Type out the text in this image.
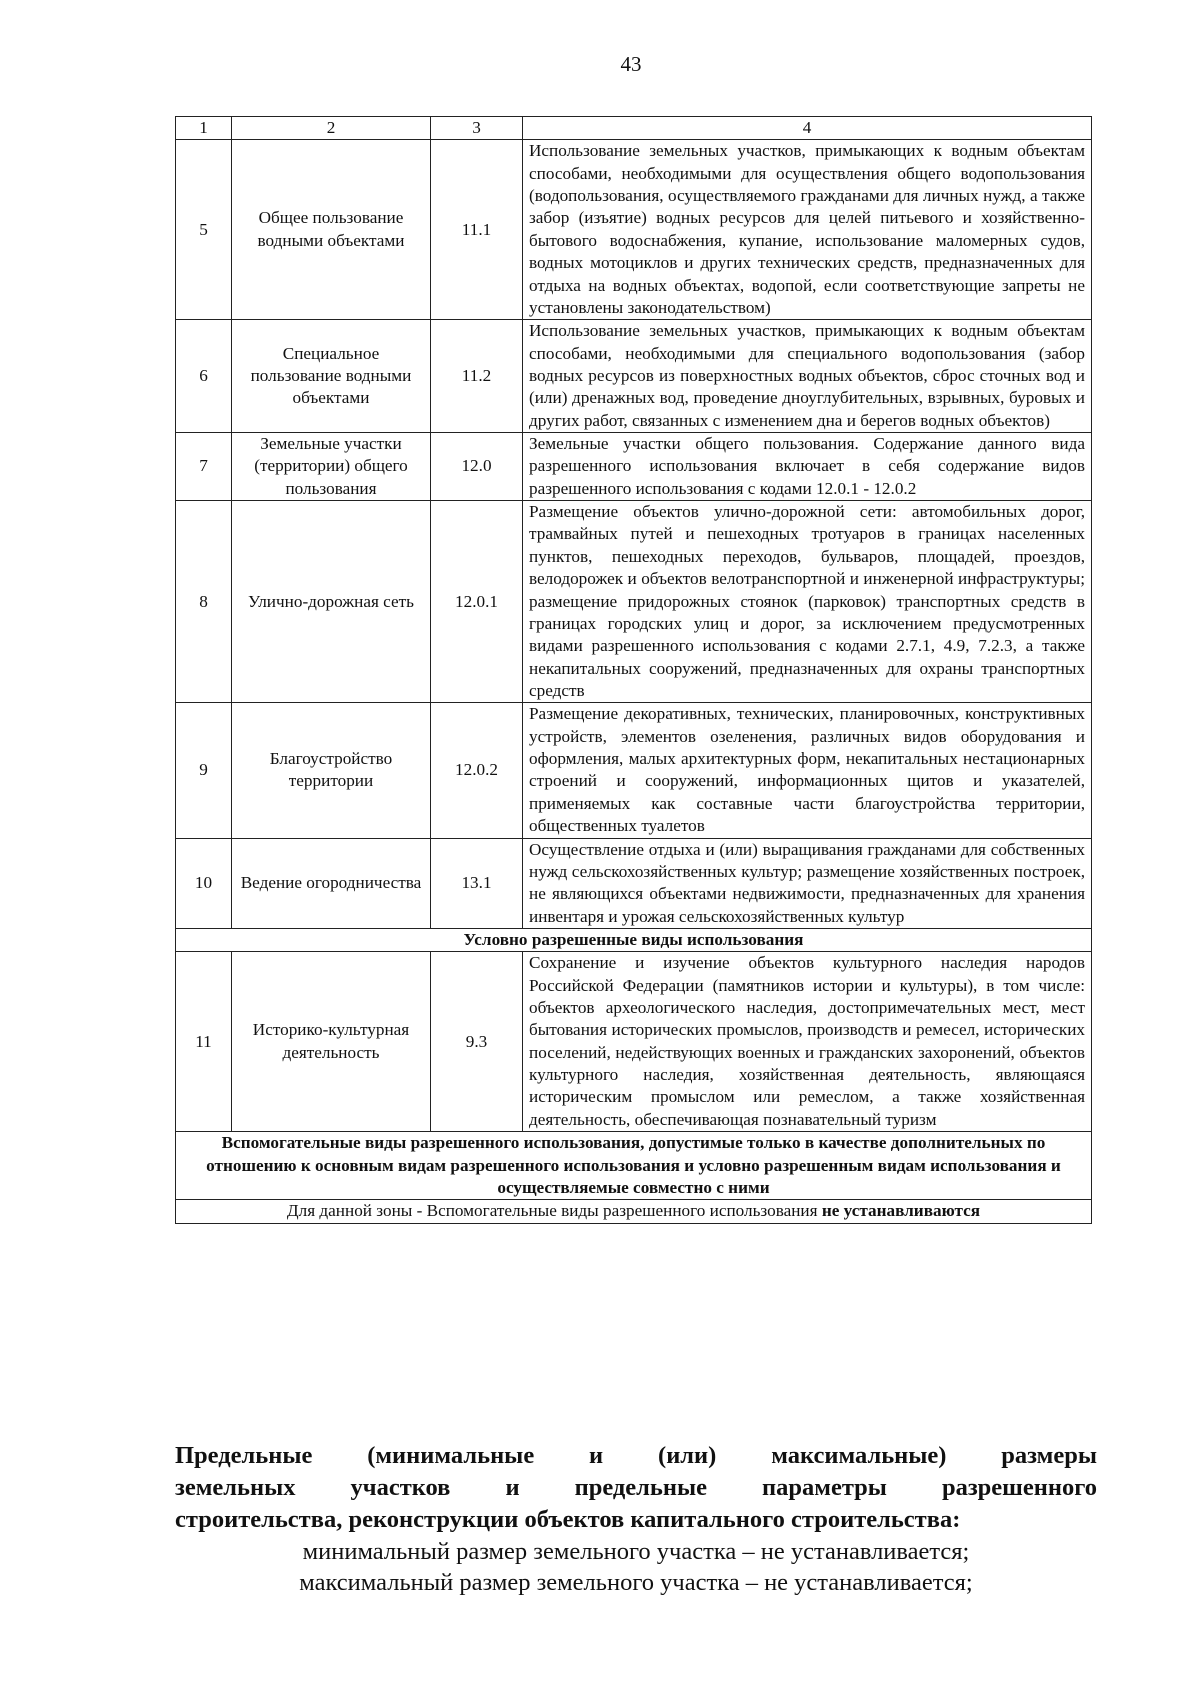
43
1	2	3	4
5	Общее пользование водными объектами	11.1	Использование земельных участков, примыкающих к водным объектам способами, необходимыми для осуществления общего водопользования (водопользования, осуществляемого гражданами для личных нужд, а также забор (изъятие) водных ресурсов для целей питьевого и хозяйственно-бытового водоснабжения, купание, использование маломерных судов, водных мотоциклов и других технических средств, предназначенных для отдыха на водных объектах, водопой, если соответствующие запреты не установлены законодательством)
6	Специальное пользование водными объектами	11.2	Использование земельных участков, примыкающих к водным объектам способами, необходимыми для специального водопользования (забор водных ресурсов из поверхностных водных объектов, сброс сточных вод и (или) дренажных вод, проведение дноуглубительных, взрывных, буровых и других работ, связанных с изменением дна и берегов водных объектов)
7	Земельные участки (территории) общего пользования	12.0	Земельные участки общего пользования. Содержание данного вида разрешенного использования включает в себя содержание видов разрешенного использования с кодами 12.0.1 - 12.0.2
8	Улично-дорожная сеть	12.0.1	Размещение объектов улично-дорожной сети: автомобильных дорог, трамвайных путей и пешеходных тротуаров в границах населенных пунктов, пешеходных переходов, бульваров, площадей, проездов, велодорожек и объектов велотранспортной и инженерной инфраструктуры; размещение придорожных стоянок (парковок) транспортных средств в границах городских улиц и дорог, за исключением предусмотренных видами разрешенного использования с кодами 2.7.1, 4.9, 7.2.3, а также некапитальных сооружений, предназначенных для охраны транспортных средств
9	Благоустройство территории	12.0.2	Размещение декоративных, технических, планировочных, конструктивных устройств, элементов озеленения, различных видов оборудования и оформления, малых архитектурных форм, некапитальных нестационарных строений и сооружений, информационных щитов и указателей, применяемых как составные части благоустройства территории, общественных туалетов
10	Ведение огородничества	13.1	Осуществление отдыха и (или) выращивания гражданами для собственных нужд сельскохозяйственных культур; размещение хозяйственных построек, не являющихся объектами недвижимости, предназначенных для хранения инвентаря и урожая сельскохозяйственных культур
Условно разрешенные виды использования			
11	Историко-культурная деятельность	9.3	Сохранение и изучение объектов культурного наследия народов Российской Федерации (памятников истории и культуры), в том числе: объектов археологического наследия, достопримечательных мест, мест бытования исторических промыслов, производств и ремесел, исторических поселений, недействующих военных и гражданских захоронений, объектов культурного наследия, хозяйственная деятельность, являющаяся историческим промыслом или ремеслом, а также хозяйственная деятельность, обеспечивающая познавательный туризм
Вспомогательные виды разрешенного использования, допустимые только в качестве дополнительных по отношению к основным видам разрешенного использования и условно разрешенным видам использования и осуществляемые совместно с ними			
Для данной зоны - Вспомогательные виды разрешенного использования не устанавливаются			
Предельные (минимальные и (или) максимальные) размеры
земельных участков и предельные параметры разрешенного
строительства, реконструкции объектов капитального строительства:
минимальный размер земельного участка – не устанавливается;
максимальный размер земельного участка – не устанавливается;
